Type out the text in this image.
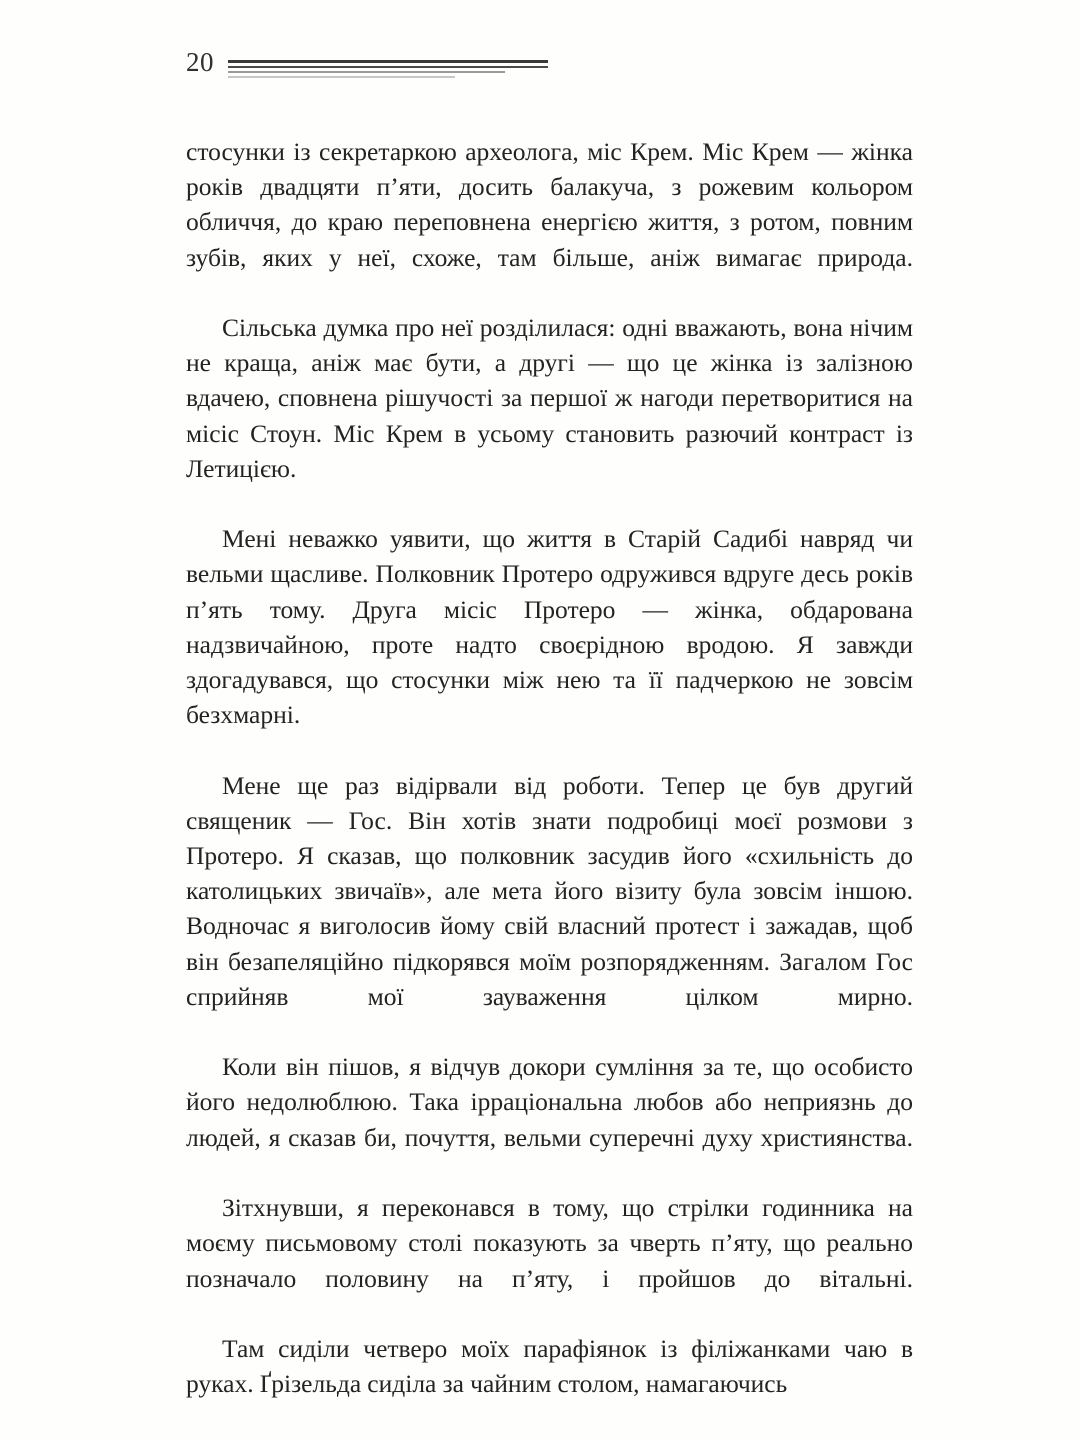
20

стосунки із секретаркою археолога, міс Крем. Міс Крем — жінка років двадцяти п’яти, досить балакуча, з рожевим кольором обличчя, до краю переповнена енергією життя, з ротом, повним зубів, яких у неї, схоже, там більше, аніж вимагає природа.

Сільська думка про неї розділилася: одні вважають, вона нічим не краща, аніж має бути, а другі — що це жінка із залізною вдачею, сповнена рішучості за першої ж нагоди перетворитися на місіс Стоун. Міс Крем в усьому становить разючий контраст із Летицією.

Мені неважко уявити, що життя в Старій Садибі навряд чи вельми щасливе. Полковник Протеро одружився вдруге десь років п’ять тому. Друга місіс Протеро — жінка, обдарована надзвичайною, проте надто своєрідною вродою. Я завжди здогадувався, що стосунки між нею та її падчеркою не зовсім безхмарні.

Мене ще раз відірвали від роботи. Тепер це був другий священик — Гос. Він хотів знати подробиці моєї розмови з Протеро. Я сказав, що полковник засудив його «схильність до католицьких звичаїв», але мета його візиту була зовсім іншою. Водночас я виголосив йому свій власний протест і зажадав, щоб він безапеляційно підкорявся моїм розпорядженням. Загалом Гос сприйняв мої зауваження цілком мирно.

Коли він пішов, я відчув докори сумління за те, що особисто його недолюблюю. Така ірраціональна любов або неприязнь до людей, я сказав би, почуття, вельми суперечні духу християнства.

Зітхнувши, я переконався в тому, що стрілки годинника на моєму письмовому столі показують за чверть п’яту, що реально позначало половину на п’яту, і пройшов до вітальні.

Там сиділи четверо моїх парафіянок із філіжанками чаю в руках. Ґрізельда сиділа за чайним столом, намагаючись
